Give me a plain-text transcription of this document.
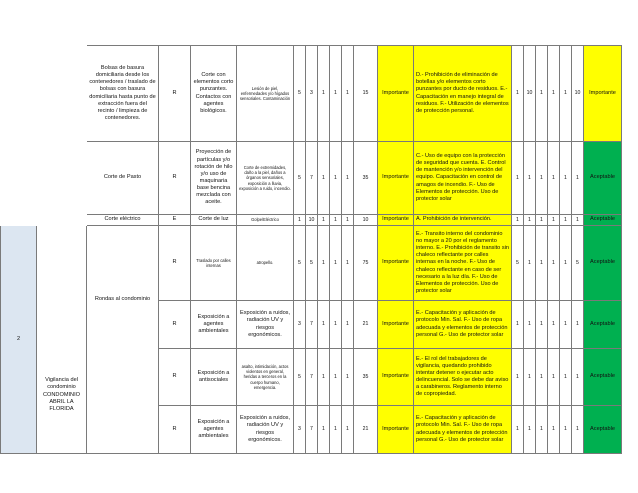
		Bolsas de basura domiciliaria desde los contenedores / traslado de bolsas con basura domiciliaria hasta punto de extracción fuera del recinto / limpieza de contenedores.	R	Corte con elementos corto punzantes. Contactos con agentes biológicos.	Lesión de piel, enfermedades y/o hígados sensoriales. Contaminación	5	3	1	1	1	15	Importante	D.- Prohibición de eliminación de botellas y/o elementos corto punzantes por ducto de residuos. E.- Capacitación en manejo integral de residuos. F.- Utilización de elementos de protección personal.	1	10	1	1	1	10	Importante
		Corte de Pasto	R	Proyección de partículas y/o rotación de hilo y/o uso de maquinaria base bencina mezclada con aceite.	Corte de extremidades, daño a la piel, daños a órganos sensoriales, exposición a lluvia, exposición a ruido, incendio.	5	7	1	1	1	35	Importante	C.- Uso de equipo con la protección de seguridad que cuenta. E. Control de mantención y/o intervención del equipo. Capacitación en control de amagos de incendio. F.- Uso de Elementos de protección. Uso de protector solar	1	1	1	1	1	1	Aceptable
		Corte eléctrico	E	Corte de luz	Golpe/Eléctrico	1	10	1	1	1	10	Importante	A. Prohibición de intervención.	1	1	1	1	1	1	Aceptable
2	Vigilancia del condominio CONDOMINIO ABRIL LA FLORIDA	Rondas al condominio	R	Traslado por calles internas	atropello.	5	5	1	1	1	75	Importante	E.- Transito interno del condominio no mayor a 20 por el reglamento interno. E.- Prohibición de transito sin chaleco reflectante por calles internas en la noche. F.- Uso de chaleco reflectante en caso de ser necesario a la luz día. F.- Uso de Elementos de protección. Uso de protector solar	5	1	1	1	1	5	Aceptable
			R	Exposición a agentes ambientales	Exposición a ruidos, radiación UV y riesgos ergonómicos.	3	7	1	1	1	21	Importante	E.- Capacitación y aplicación de protocolo Min. Sal. F.- Uso de ropa adecuada y elementos de protección personal G.- Uso de protector solar	1	1	1	1	1	1	Aceptable
			R	Exposición a antisociales	asalto, intimidación, actos violentos en general, heridas a terceros en la cuerpo humano, emergencia.	5	7	1	1	1	35	Importante	E.- El rol del trabajadores de vigilancia, quedando prohibido intentar detener o ejecutar acto delincuencial. Solo se debe dar aviso a carabineros. Reglamento interno de copropiedad.	1	1	1	1	1	1	Aceptable
			R	Exposición a agentes ambientales	Exposición a ruidos, radiación UV y riesgos ergonómicos.	3	7	1	1	1	21	Importante	E.- Capacitación y aplicación de protocolo Min. Sal. F.- Uso de ropa adecuada y elementos de protección personal G.- Uso de protector solar	1	1	1	1	1	1	Aceptable
